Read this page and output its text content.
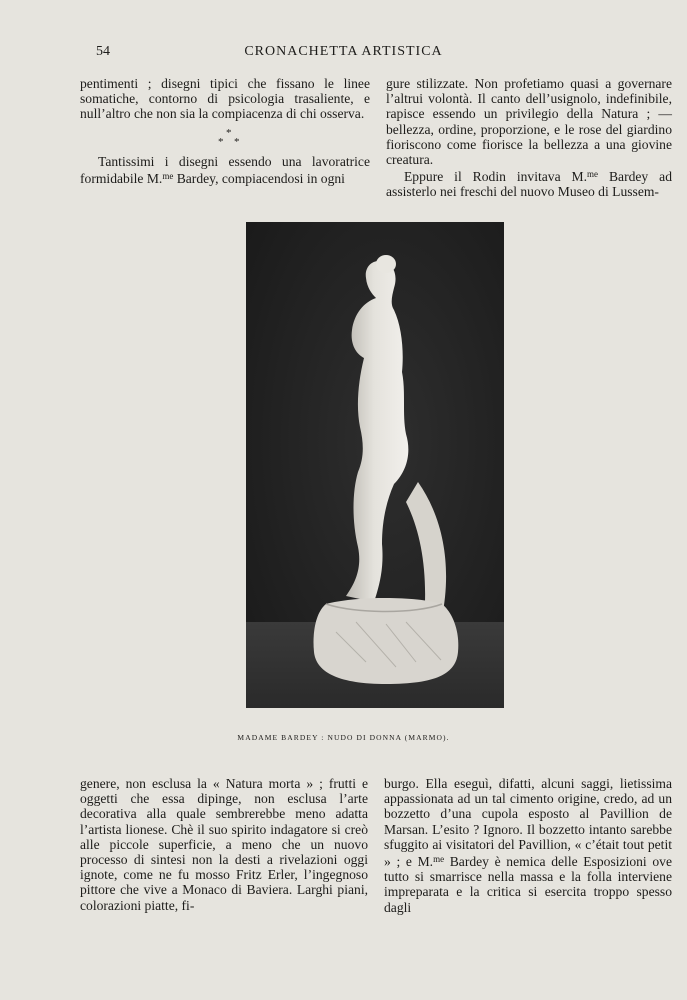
54	CRONACHETTA ARTISTICA

pentimenti ; disegni tipici che fissano le linee somatiche, contorno di psicologia trasaliente, e null’altro che non sia la compiacenza di chi osserva.

*
* *

Tantissimi i disegni essendo una lavoratrice formidabile M.$^{me}$ Bardey, compiacendosi in ogni

gure stilizzate. Non profetiamo quasi a governare l’altrui volontà. Il canto dell’usignolo, indefinibile, rapisce essendo un privilegio della Natura ; — bellezza, ordine, proporzione, e le rose del giardino fioriscono come fiorisce la bellezza a una giovine creatura.

Eppure il Rodin invitava M.$^{me}$ Bardey ad assisterlo nei freschi del nuovo Museo di Lussem-

MADAME BARDEY : NUDO DI DONNA (MARMO).

genere, non esclusa la « Natura morta » ; frutti e oggetti che essa dipinge, non esclusa l’arte decorativa alla quale sembrerebbe meno adatta l’artista lionese. Chè il suo spirito indagatore si creò alle piccole superficie, a meno che un nuovo processo di sintesi non la desti a rivelazioni oggi ignote, come ne fu mosso Fritz Erler, l’ingegnoso pittore che vive a Monaco di Baviera. Larghi piani, colorazioni piatte, fi-

burgo. Ella eseguì, difatti, alcuni saggi, lietissima appassionata ad un tal cimento origine, credo, ad un bozzetto d’una cupola esposto al Pavillion de Marsan. L’esito ? Ignoro. Il bozzetto intanto sarebbe sfuggito ai visitatori del Pavillion, « c’était tout petit » ; e M.$^{me}$ Bardey è nemica delle Esposizioni ove tutto si smarrisce nella massa e la folla interviene impreparata e la critica si esercita troppo spesso dagli
